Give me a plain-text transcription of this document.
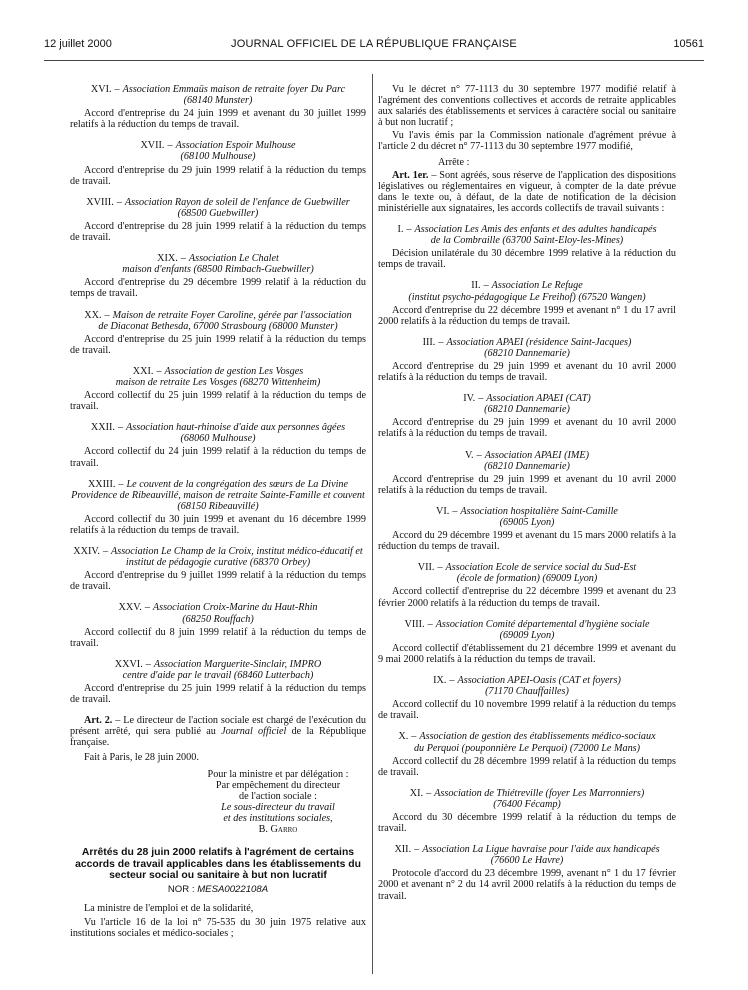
12 juillet 2000	JOURNAL OFFICIEL DE LA RÉPUBLIQUE FRANÇAISE	10561

XVI. – Association Emmaüs maison de retraite foyer Du Parc

(68140 Munster)

Accord d'entreprise du 24 juin 1999 et avenant du 30 juillet 1999 relatifs à la réduction du temps de travail.

XVII. – Association Espoir Mulhouse

(68100 Mulhouse)

Accord d'entreprise du 29 juin 1999 relatif à la réduction du temps de travail.

XVIII. – Association Rayon de soleil de l'enfance de Guebwiller

(68500 Guebwiller)

Accord d'entreprise du 28 juin 1999 relatif à la réduction du temps de travail.

XIX. – Association Le Chalet

maison d'enfants (68500 Rimbach-Guebwiller)

Accord d'entreprise du 29 décembre 1999 relatif à la réduction du temps de travail.

XX. – Maison de retraite Foyer Caroline, gérée par l'association

de Diaconat Bethesda, 67000 Strasbourg (68000 Munster)

Accord d'entreprise du 25 juin 1999 relatif à la réduction du temps de travail.

XXI. – Association de gestion Les Vosges

maison de retraite Les Vosges (68270 Wittenheim)

Accord collectif du 25 juin 1999 relatif à la réduction du temps de travail.

XXII. – Association haut-rhinoise d'aide aux personnes âgées

(68060 Mulhouse)

Accord collectif du 24 juin 1999 relatif à la réduction du temps de travail.

XXIII. – Le couvent de la congrégation des sœurs de La Divine Providence de Ribeauvillé, maison de retraite Sainte-Famille et couvent (68150 Ribeauvillé)

Accord collectif du 30 juin 1999 et avenant du 16 décembre 1999 relatifs à la réduction du temps de travail.

XXIV. – Association Le Champ de la Croix, institut médico-éducatif et institut de pédagogie curative (68370 Orbey)

Accord d'entreprise du 9 juillet 1999 relatif à la réduction du temps de travail.

XXV. – Association Croix-Marine du Haut-Rhin

(68250 Rouffach)

Accord collectif du 8 juin 1999 relatif à la réduction du temps de travail.

XXVI. – Association Marguerite-Sinclair, IMPRO

centre d'aide par le travail (68460 Lutterbach)

Accord d'entreprise du 25 juin 1999 relatif à la réduction du temps de travail.

Art. 2. – Le directeur de l'action sociale est chargé de l'exécution du présent arrêté, qui sera publié au Journal officiel de la République française.

Fait à Paris, le 28 juin 2000.

Pour la ministre et par délégation :
Par empêchement du directeur
de l'action sociale :
Le sous-directeur du travail
et des institutions sociales,
B. Garro
Arrêtés du 28 juin 2000 relatifs à l'agrément de certains accords de travail applicables dans les établissements du secteur social ou sanitaire à but non lucratif
NOR : MESA0022108A

La ministre de l'emploi et de la solidarité,

Vu l'article 16 de la loi n° 75-535 du 30 juin 1975 relative aux institutions sociales et médico-sociales ;

Vu le décret n° 77-1113 du 30 septembre 1977 modifié relatif à l'agrément des conventions collectives et accords de retraite applicables aux salariés des établissements et services à caractère social ou sanitaire à but non lucratif ;

Vu l'avis émis par la Commission nationale d'agrément prévue à l'article 2 du décret n° 77-1113 du 30 septembre 1977 modifié,

Arrête :

Art. 1er. – Sont agréés, sous réserve de l'application des dispositions législatives ou réglementaires en vigueur, à compter de la date prévue dans le texte ou, à défaut, de la date de notification de la décision ministérielle aux signataires, les accords collectifs de travail suivants :

I. – Association Les Amis des enfants et des adultes handicapés

de la Combraille (63700 Saint-Eloy-les-Mines)

Décision unilatérale du 30 décembre 1999 relative à la réduction du temps de travail.

II. – Association Le Refuge

(institut psycho-pédagogique Le Freihof) (67520 Wangen)

Accord d'entreprise du 22 décembre 1999 et avenant n° 1 du 17 avril 2000 relatifs à la réduction du temps de travail.

III. – Association APAEI (résidence Saint-Jacques)

(68210 Dannemarie)

Accord d'entreprise du 29 juin 1999 et avenant du 10 avril 2000 relatifs à la réduction du temps de travail.

IV. – Association APAEI (CAT)

(68210 Dannemarie)

Accord d'entreprise du 29 juin 1999 et avenant du 10 avril 2000 relatifs à la réduction du temps de travail.

V. – Association APAEI (IME)

(68210 Dannemarie)

Accord d'entreprise du 29 juin 1999 et avenant du 10 avril 2000 relatifs à la réduction du temps de travail.

VI. – Association hospitalière Saint-Camille

(69005 Lyon)

Accord du 29 décembre 1999 et avenant du 15 mars 2000 relatifs à la réduction du temps de travail.

VII. – Association Ecole de service social du Sud-Est

(école de formation) (69009 Lyon)

Accord collectif d'entreprise du 22 décembre 1999 et avenant du 23 février 2000 relatifs à la réduction du temps de travail.

VIII. – Association Comité départemental d'hygiène sociale

(69009 Lyon)

Accord collectif d'établissement du 21 décembre 1999 et avenant du 9 mai 2000 relatifs à la réduction du temps de travail.

IX. – Association APEI-Oasis (CAT et foyers)

(71170 Chauffailles)

Accord collectif du 10 novembre 1999 relatif à la réduction du temps de travail.

X. – Association de gestion des établissements médico-sociaux

du Perquoi (pouponnière Le Perquoi) (72000 Le Mans)

Accord collectif du 28 décembre 1999 relatif à la réduction du temps de travail.

XI. – Association de Thiétreville (foyer Les Marronniers)

(76400 Fécamp)

Accord du 30 décembre 1999 relatif à la réduction du temps de travail.

XII. – Association La Ligue havraise pour l'aide aux handicapés

(76600 Le Havre)

Protocole d'accord du 23 décembre 1999, avenant n° 1 du 17 février 2000 et avenant n° 2 du 14 avril 2000 relatifs à la réduction du temps de travail.
